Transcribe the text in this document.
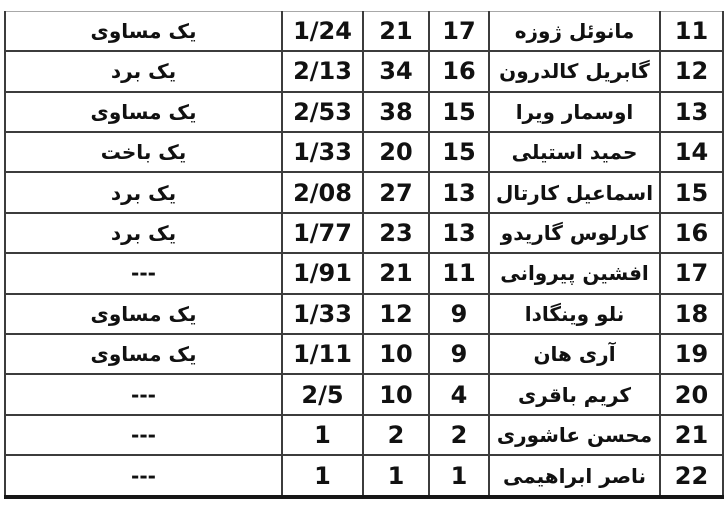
11	مانوئل ژوزه	17	21	1/24	یک مساوی
12	گابریل کالدرون	16	34	2/13	یک برد
13	اوسمار ویرا	15	38	2/53	یک مساوی
14	حمید استیلی	15	20	1/33	یک باخت
15	اسماعیل کارتال	13	27	2/08	یک برد
16	کارلوس گاریدو	13	23	1/77	یک برد
17	افشین پیروانی	11	21	1/91	---
18	نلو وینگادا	9	12	1/33	یک مساوی
19	آری هان	9	10	1/11	یک مساوی
20	کریم باقری	4	10	2/5	---
21	محسن عاشوری	2	2	1	---
22	ناصر ابراهیمی	1	1	1	---
